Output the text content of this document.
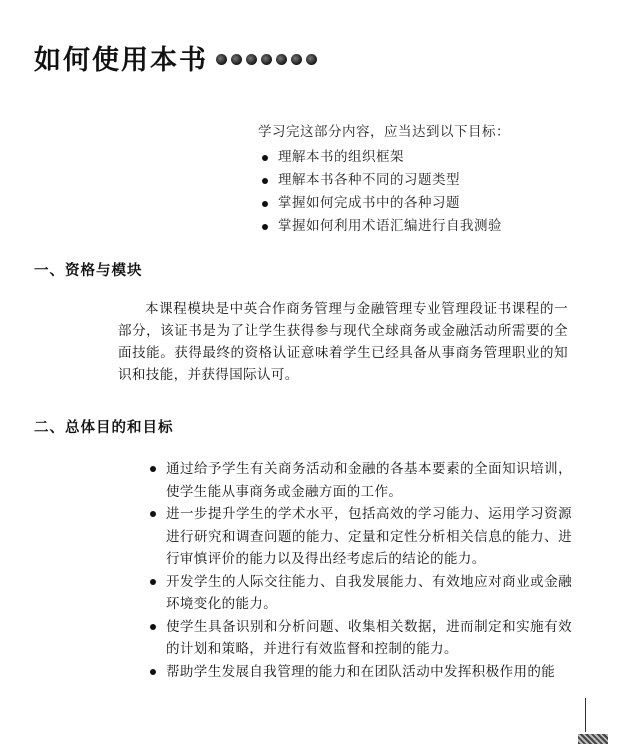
如何使用本书
学习完这部分内容，应当达到以下目标：
理解本书的组织框架
理解本书各种不同的习题类型
掌握如何完成书中的各种习题
掌握如何利用术语汇编进行自我测验
一、资格与模块
本课程模块是中英合作商务管理与金融管理专业管理段证书课程的一部分，该证书是为了让学生获得参与现代全球商务或金融活动所需要的全面技能。获得最终的资格认证意味着学生已经具备从事商务管理职业的知识和技能，并获得国际认可。
二、总体目的和目标
通过给予学生有关商务活动和金融的各基本要素的全面知识培训，使学生能从事商务或金融方面的工作。
进一步提升学生的学术水平，包括高效的学习能力、运用学习资源进行研究和调查问题的能力、定量和定性分析相关信息的能力、进行审慎评价的能力以及得出经考虑后的结论的能力。
开发学生的人际交往能力、自我发展能力、有效地应对商业或金融环境变化的能力。
使学生具备识别和分析问题、收集相关数据，进而制定和实施有效的计划和策略，并进行有效监督和控制的能力。
帮助学生发展自我管理的能力和在团队活动中发挥积极作用的能
